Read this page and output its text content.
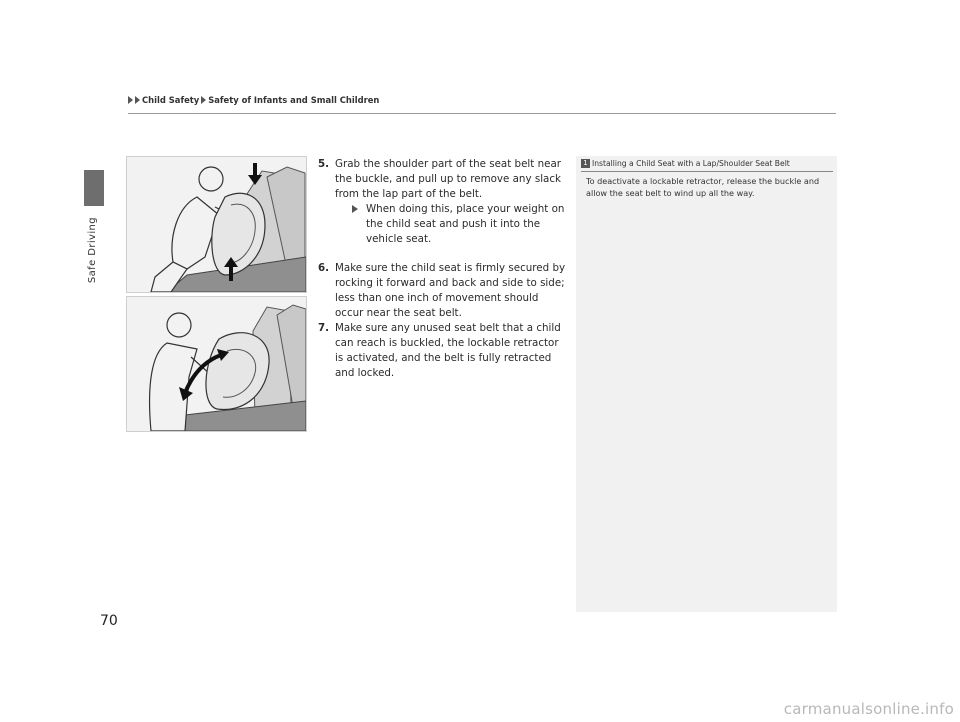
Child Safety Safety of Infants and Small Children
Safe Driving
5. Grab the shoulder part of the seat belt near the buckle, and pull up to remove any slack from the lap part of the belt.
When doing this, place your weight on the child seat and push it into the vehicle seat.
6. Make sure the child seat is firmly secured by rocking it forward and back and side to side; less than one inch of movement should occur near the seat belt.
7. Make sure any unused seat belt that a child can reach is buckled, the lockable retractor is activated, and the belt is fully retracted and locked.
1 Installing a Child Seat with a Lap/Shoulder Seat Belt
To deactivate a lockable retractor, release the buckle and allow the seat belt to wind up all the way.
70
carmanualsonline.info
